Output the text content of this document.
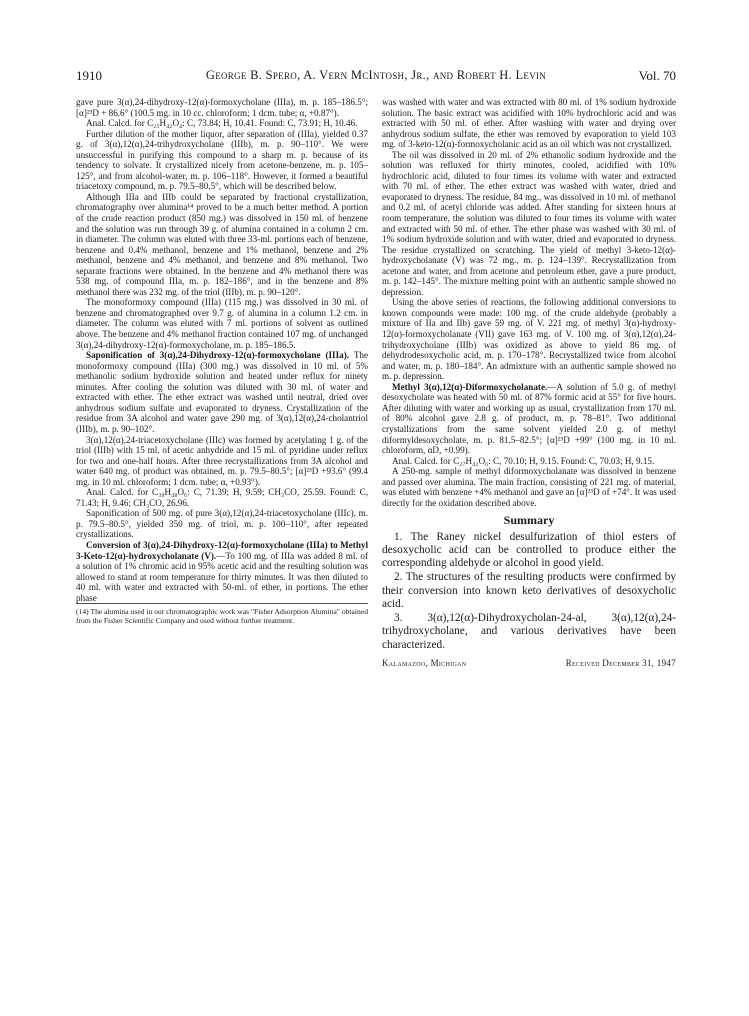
1910	George B. Spero, A. Vern McIntosh, Jr., and Robert H. Levin	Vol. 70

gave pure 3(α),24-dihydroxy-12(α)-formoxycholane (IIIa), m. p. 185–186.5°; [α]²³D + 86.6° (100.5 mg. in 10 cc. chloroform; 1 dcm. tube; α, +0.87°).

Anal. Calcd. for C₂₅H₄₂O₄: C, 73.84; H, 10.41. Found: C, 73.91; H, 10.46.

Further dilution of the mother liquor, after separation of (IIIa), yielded 0.37 g. of 3(α),12(α),24-trihydroxycholane (IIIb), m. p. 90–110°. We were unsuccessful in purifying this compound to a sharp m. p. because of its tendency to solvate. It crystallized nicely from acetone-benzene, m. p. 105–125°, and from alcohol-water, m. p. 106–118°. However, it formed a beautiful triacetoxy compound, m. p. 79.5–80.5°, which will be described below.

Although IIIa and IIIb could be separated by fractional crystallization, chromatography over alumina¹⁴ proved to be a much better method. A portion of the crude reaction product (850 mg.) was dissolved in 150 ml. of benzene and the solution was run through 39 g. of alumina contained in a column 2 cm. in diameter. The column was eluted with three 33-ml. portions each of benzene, benzene and 0.4% methanol, benzene and 1% methanol, benzene and 2% methanol, benzene and 4% methanol, and benzene and 8% methanol. Two separate fractions were obtained. In the benzene and 4% methanol there was 538 mg. of compound IIIa, m. p. 182–186°, and in the benzene and 8% methanol there was 232 mg. of the triol (IIIb), m. p. 90–120°.

The monoformoxy compound (IIIa) (115 mg.) was dissolved in 30 ml. of benzene and chromatographed over 9.7 g. of alumina in a column 1.2 cm. in diameter. The column was eluted with 7 ml. portions of solvent as outlined above. The benzene and 4% methanol fraction contained 107 mg. of unchanged 3(α),24-dihydroxy-12(α)-formoxycholane, m. p. 185–186.5.

Saponification of 3(α),24-Dihydroxy-12(α)-formoxycholane (IIIa). The monoformoxy compound (IIIa) (300 mg.) was dissolved in 10 ml. of 5% methanolic sodium hydroxide solution and heated under reflux for ninety minutes. After cooling the solution was diluted with 30 ml. of water and extracted with ether. The ether extract was washed until neutral, dried over anhydrous sodium sulfate and evaporated to dryness. Crystallization of the residue from 3A alcohol and water gave 290 mg. of 3(α),12(α),24-cholantriol (IIIb), m. p. 90–102°.

3(α),12(α),24-triacetoxycholane (IIIc) was formed by acetylating 1 g. of the triol (IIIb) with 15 ml. of acetic anhydride and 15 ml. of pyridine under reflux for two and one-half hours. After three recrystallizations from 3A alcohol and water 640 mg. of product was obtained, m. p. 79.5–80.5°; [α]²³D +93.6° (99.4 mg. in 10 ml. chloroform; 1 dcm. tube; α, +0.93°).

Anal. Calcd. for C₃₀H₄₈O₆: C, 71.39; H, 9.59; CH₃CO, 25.59. Found: C, 71.43; H, 9.46; CH₃CO, 26.96.

Saponification of 500 mg. of pure 3(α),12(α),24-triacetoxycholane (IIIc), m. p. 79.5–80.5°, yielded 350 mg. of triol, m. p. 100–110°, after repeated crystallizations.

Conversion of 3(α),24-Dihydroxy-12(α)-formoxycholane (IIIa) to Methyl 3-Keto-12(α)-hydroxycholanate (V).—To 100 mg. of IIIa was added 8 ml. of a solution of 1% chromic acid in 95% acetic acid and the resulting solution was allowed to stand at room temperature for thirty minutes. It was then diluted to 40 ml. with water and extracted with 50-ml. of ether, in portions. The ether phase

(14) The alumina used in our chromatographic work was "Fisher Adsorption Alumina" obtained from the Fisher Scientific Company and used without further treatment.

was washed with water and was extracted with 80 ml. of 1% sodium hydroxide solution. The basic extract was acidified with 10% hydrochloric acid and was extracted with 50 ml. of ether. After washing with water and drying over anhydrous sodium sulfate, the ether was removed by evaporation to yield 103 mg. of 3-keto-12(α)-formoxycholanic acid as an oil which was not crystallized.

The oil was dissolved in 20 ml. of 2% ethanolic sodium hydroxide and the solution was refluxed for thirty minutes, cooled, acidified with 10% hydrochloric acid, diluted to four times its volume with water and extracted with 70 ml. of ether. The ether extract was washed with water, dried and evaporated to dryness. The residue, 84 mg., was dissolved in 10 ml. of methanol and 0.2 ml. of acetyl chloride was added. After standing for sixteen hours at room temperature, the solution was diluted to four times its volume with water and extracted with 50 ml. of ether. The ether phase was washed with 30 ml. of 1% sodium hydroxide solution and with water, dried and evaporated to dryness. The residue crystallized on scratching. The yield of methyl 3-keto-12(α)-hydroxycholanate (V) was 72 mg., m. p. 124–139°. Recrystallization from acetone and water, and from acetone and petroleum ether, gave a pure product, m. p. 142–145°. The mixture melting point with an authentic sample showed no depression.

Using the above series of reactions, the following additional conversions to known compounds were made: 100 mg. of the crude aldehyde (probably a mixture of IIa and IIb) gave 59 mg. of V. 221 mg. of methyl 3(α)-hydroxy-12(α)-formoxycholanate (VII) gave 163 mg. of V. 100 mg. of 3(α),12(α),24-trihydroxycholane (IIIb) was oxidized as above to yield 86 mg. of dehydrodesoxycholic acid, m. p. 170–178°. Recrystallized twice from alcohol and water, m. p. 180–184°. An admixture with an authentic sample showed no m. p. depression.

Methyl 3(α),12(α)-Diformoxycholanate.—A solution of 5.0 g. of methyl desoxycholate was heated with 50 ml. of 87% formic acid at 55° for five hours. After diluting with water and working up as usual, crystallization from 170 ml. of 80% alcohol gave 2.8 g. of product, m. p. 78–81°. Two additional crystallizations from the same solvent yielded 2.0 g. of methyl diformyldesoxycholate, m. p. 81.5–82.5°; [α]²³D +99° (100 mg. in 10 ml. chloroform, αD, +0.99).

Anal. Calcd. for C₂₇H₄₂O₆: C, 70.10; H, 9.15. Found: C, 70.03; H, 9.15.

A 250-mg. sample of methyl diformoxycholanate was dissolved in benzene and passed over alumina. The main fraction, consisting of 221 mg. of material, was eluted with benzene +4% methanol and gave an [α]²³D of +74°. It was used directly for the oxidation described above.

Summary

1. The Raney nickel desulfurization of thiol esters of desoxycholic acid can be controlled to produce either the corresponding aldehyde or alcohol in good yield.

2. The structures of the resulting products were confirmed by their conversion into known keto derivatives of desoxycholic acid.

3. 3(α),12(α)-Dihydroxycholan-24-al, 3(α),12(α),24-trihydroxycholane, and various derivatives have been characterized.

Kalamazoo, Michigan	Received December 31, 1947
